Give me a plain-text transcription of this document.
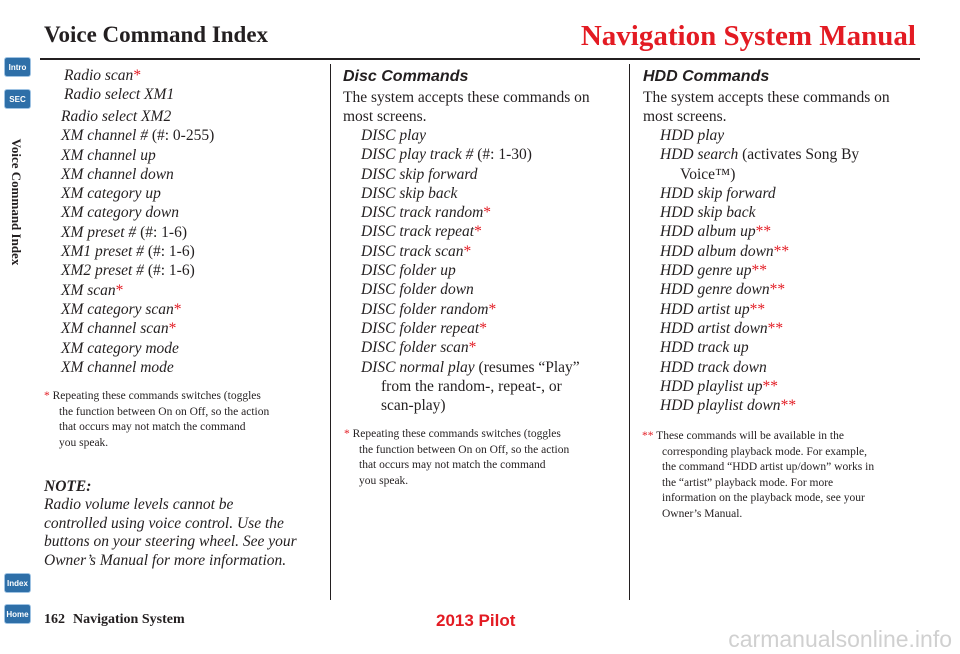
Voice Command Index	Navigation System Manual
Intro
SEC
Voice Command Index
Index
Home
Radio scan*
Radio select XM1
Radio select XM2
XM channel # (#: 0-255)
XM channel up
XM channel down
XM category up
XM category down
XM preset # (#: 1-6)
XM1 preset # (#: 1-6)
XM2 preset # (#: 1-6)
XM scan*
XM category scan*
XM channel scan*
XM category mode
XM channel mode
* Repeating these commands switches (toggles
the function between On on Off, so the action
that occurs may not match the command
you speak.
NOTE:
Radio volume levels cannot be
controlled using voice control. Use the
buttons on your steering wheel. See your
Owner’s Manual for more information.
Disc Commands
The system accepts these commands on
most screens.
DISC play
DISC play track # (#: 1-30)
DISC skip forward
DISC skip back
DISC track random*
DISC track repeat*
DISC track scan*
DISC folder up
DISC folder down
DISC folder random*
DISC folder repeat*
DISC folder scan*
DISC normal play (resumes “Play”
from the random-, repeat-, or
scan-play)
* Repeating these commands switches (toggles
the function between On on Off, so the action
that occurs may not match the command
you speak.
HDD Commands
The system accepts these commands on
most screens.
HDD play
HDD search (activates Song By
Voice™)
HDD skip forward
HDD skip back
HDD album up**
HDD album down**
HDD genre up**
HDD genre down**
HDD artist up**
HDD artist down**
HDD track up
HDD track down
HDD playlist up**
HDD playlist down**
** These commands will be available in the
corresponding playback mode. For example,
the command “HDD artist up/down” works in
the “artist” playback mode. For more
information on the playback mode, see your
Owner’s Manual.
162 Navigation System	2013 Pilot
carmanualsonline.info
